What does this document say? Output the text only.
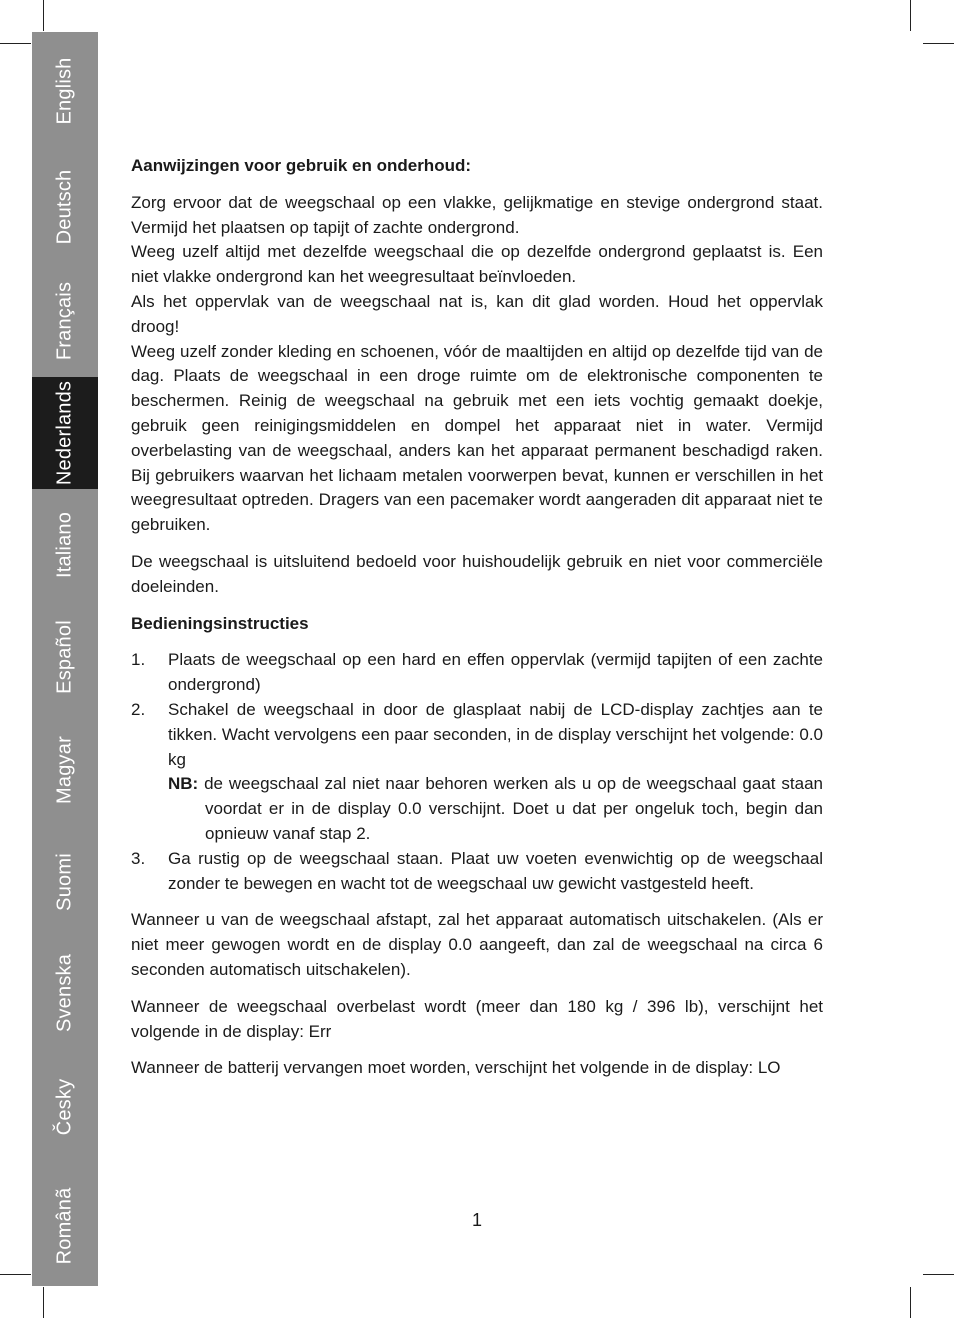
English
Deutsch
Français
Nederlands
Italiano
Español
Magyar
Suomi
Svenska
Česky
Românã

Aanwijzingen voor gebruik en onderhoud:

Zorg ervoor dat de weegschaal op een vlakke, gelijkmatige en stevige ondergrond staat. Vermijd het plaatsen op tapijt of zachte ondergrond.

Weeg uzelf altijd met dezelfde weegschaal die op dezelfde ondergrond geplaatst is. Een niet vlakke ondergrond kan het weegresultaat beïnvloeden.

Als het oppervlak van de weegschaal nat is, kan dit glad worden. Houd het oppervlak droog!

Weeg uzelf zonder kleding en schoenen, vóór de maaltijden en altijd op dezelfde tijd van de dag. Plaats de weegschaal in een droge ruimte om de elektronische componenten te beschermen. Reinig de weegschaal na gebruik met een iets vochtig gemaakt doekje, gebruik geen reinigingsmiddelen en dompel het apparaat niet in water. Vermijd overbelasting van de weegschaal, anders kan het apparaat permanent beschadigd raken. Bij gebruikers waarvan het lichaam metalen voorwerpen bevat, kunnen er verschillen in het weegresultaat optreden. Dragers van een pacemaker wordt aangeraden dit apparaat niet te gebruiken.

De weegschaal is uitsluitend bedoeld voor huishoudelijk gebruik en niet voor commerciële doeleinden.

Bedieningsinstructies

1. Plaats de weegschaal op een hard en effen oppervlak (vermijd tapijten of een zachte ondergrond)
2. Schakel de weegschaal in door de glasplaat nabij de LCD-display zachtjes aan te tikken. Wacht vervolgens een paar seconden, in de display verschijnt het volgende: 0.0 kg
NB: de weegschaal zal niet naar behoren werken als u op de weegschaal gaat staan voordat er in de display 0.0 verschijnt. Doet u dat per ongeluk toch, begin dan opnieuw vanaf stap 2.
3. Ga rustig op de weegschaal staan. Plaat uw voeten evenwichtig op de weegschaal zonder te bewegen en wacht tot de weegschaal uw gewicht vastgesteld heeft.

Wanneer u van de weegschaal afstapt, zal het apparaat automatisch uitschakelen. (Als er niet meer gewogen wordt en de display 0.0 aangeeft, dan zal de weegschaal na circa 6 seconden automatisch uitschakelen).

Wanneer de weegschaal overbelast wordt (meer dan 180 kg / 396 lb), verschijnt het volgende in de display: Err

Wanneer de batterij vervangen moet worden, verschijnt het volgende in de display: LO

1
